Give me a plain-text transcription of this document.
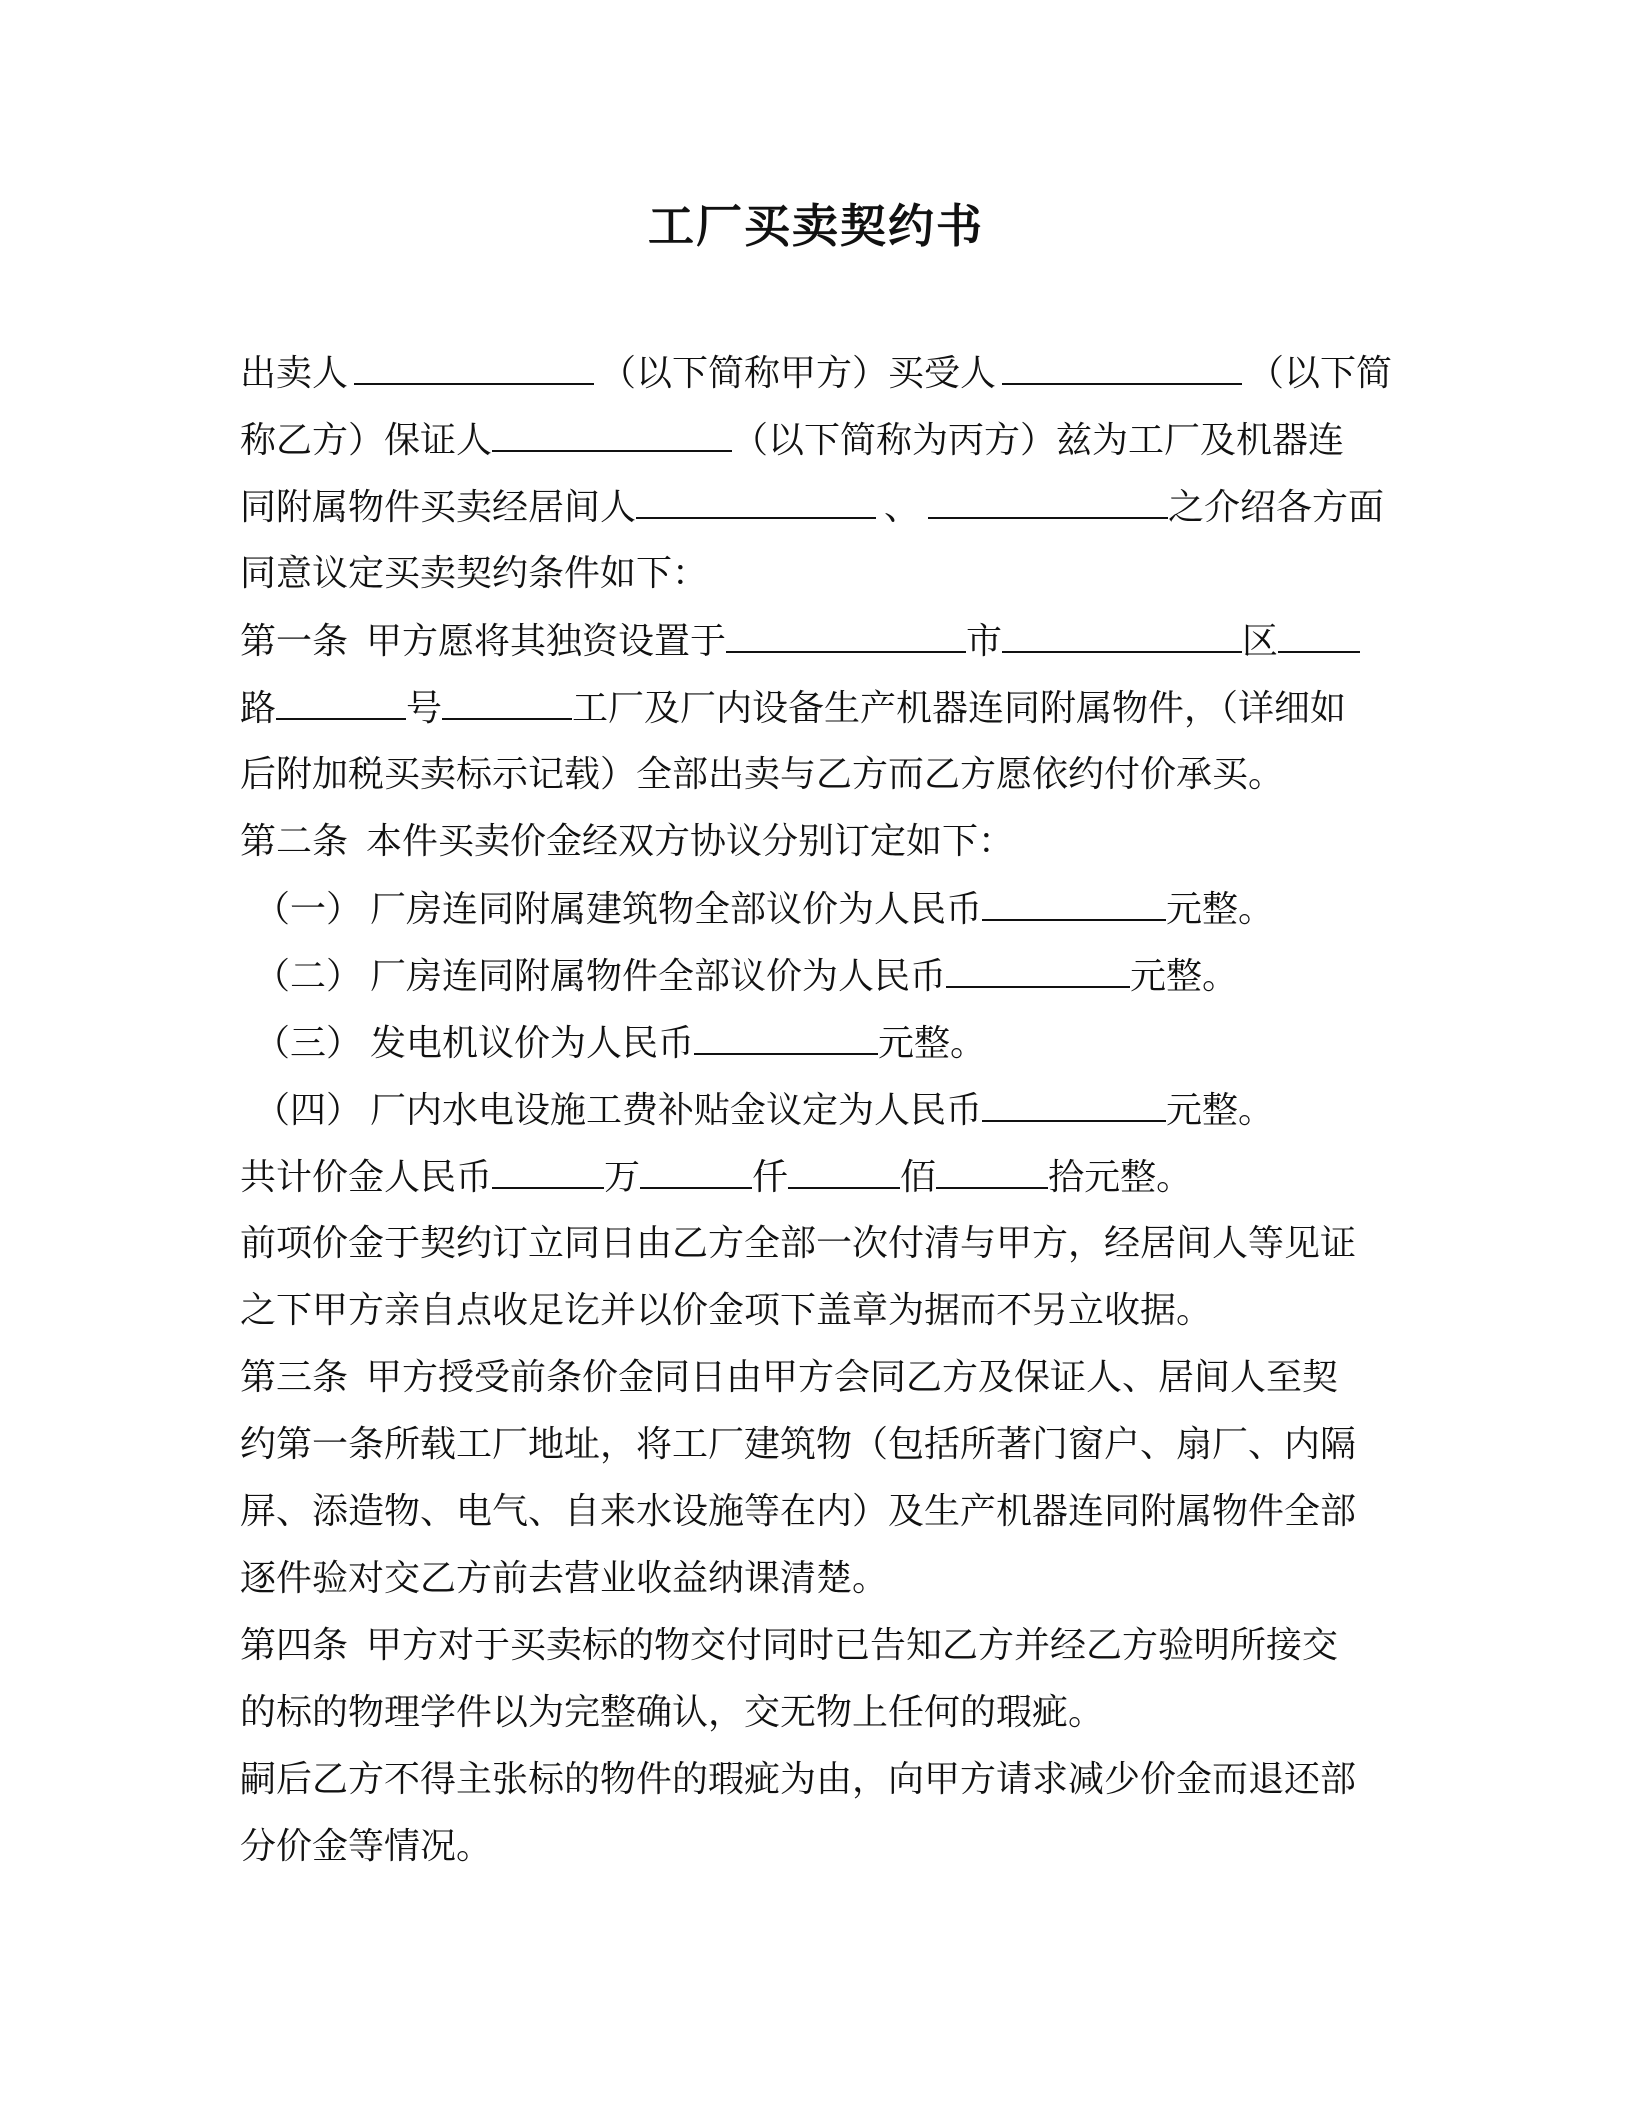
工厂买卖契约书
出卖人	（以下简称甲方）买受人	（以下简
称乙方）保证人	（以下简称为丙方）兹为工厂及机器连
同附属物件买卖经居间人	、	之介绍各方面
同意议定买卖契约条件如下：
第一条 甲方愿将其独资设置于	市	区
路	号	工厂及厂内设备生产机器连同附属物件，（详细如
后附加税买卖标示记载）全部出卖与乙方而乙方愿依约付价承买。
第二条 本件买卖价金经双方协议分别订定如下：
（一） 厂房连同附属建筑物全部议价为人民币	元整。
（二） 厂房连同附属物件全部议价为人民币	元整。
（三） 发电机议价为人民币	元整。
（四） 厂内水电设施工费补贴金议定为人民币	元整。
共计价金人民币	万	仟	佰	拾元整。
前项价金于契约订立同日由乙方全部一次付清与甲方，经居间人等见证
之下甲方亲自点收足讫并以价金项下盖章为据而不另立收据。
第三条 甲方授受前条价金同日由甲方会同乙方及保证人、居间人至契
约第一条所载工厂地址，将工厂建筑物（包括所著门窗户、扇厂、内隔
屏、添造物、电气、自来水设施等在内）及生产机器连同附属物件全部
逐件验对交乙方前去营业收益纳课清楚。
第四条 甲方对于买卖标的物交付同时已告知乙方并经乙方验明所接交
的标的物理学件以为完整确认，交无物上任何的瑕疵。
嗣后乙方不得主张标的物件的瑕疵为由，向甲方请求减少价金而退还部
分价金等情况。
